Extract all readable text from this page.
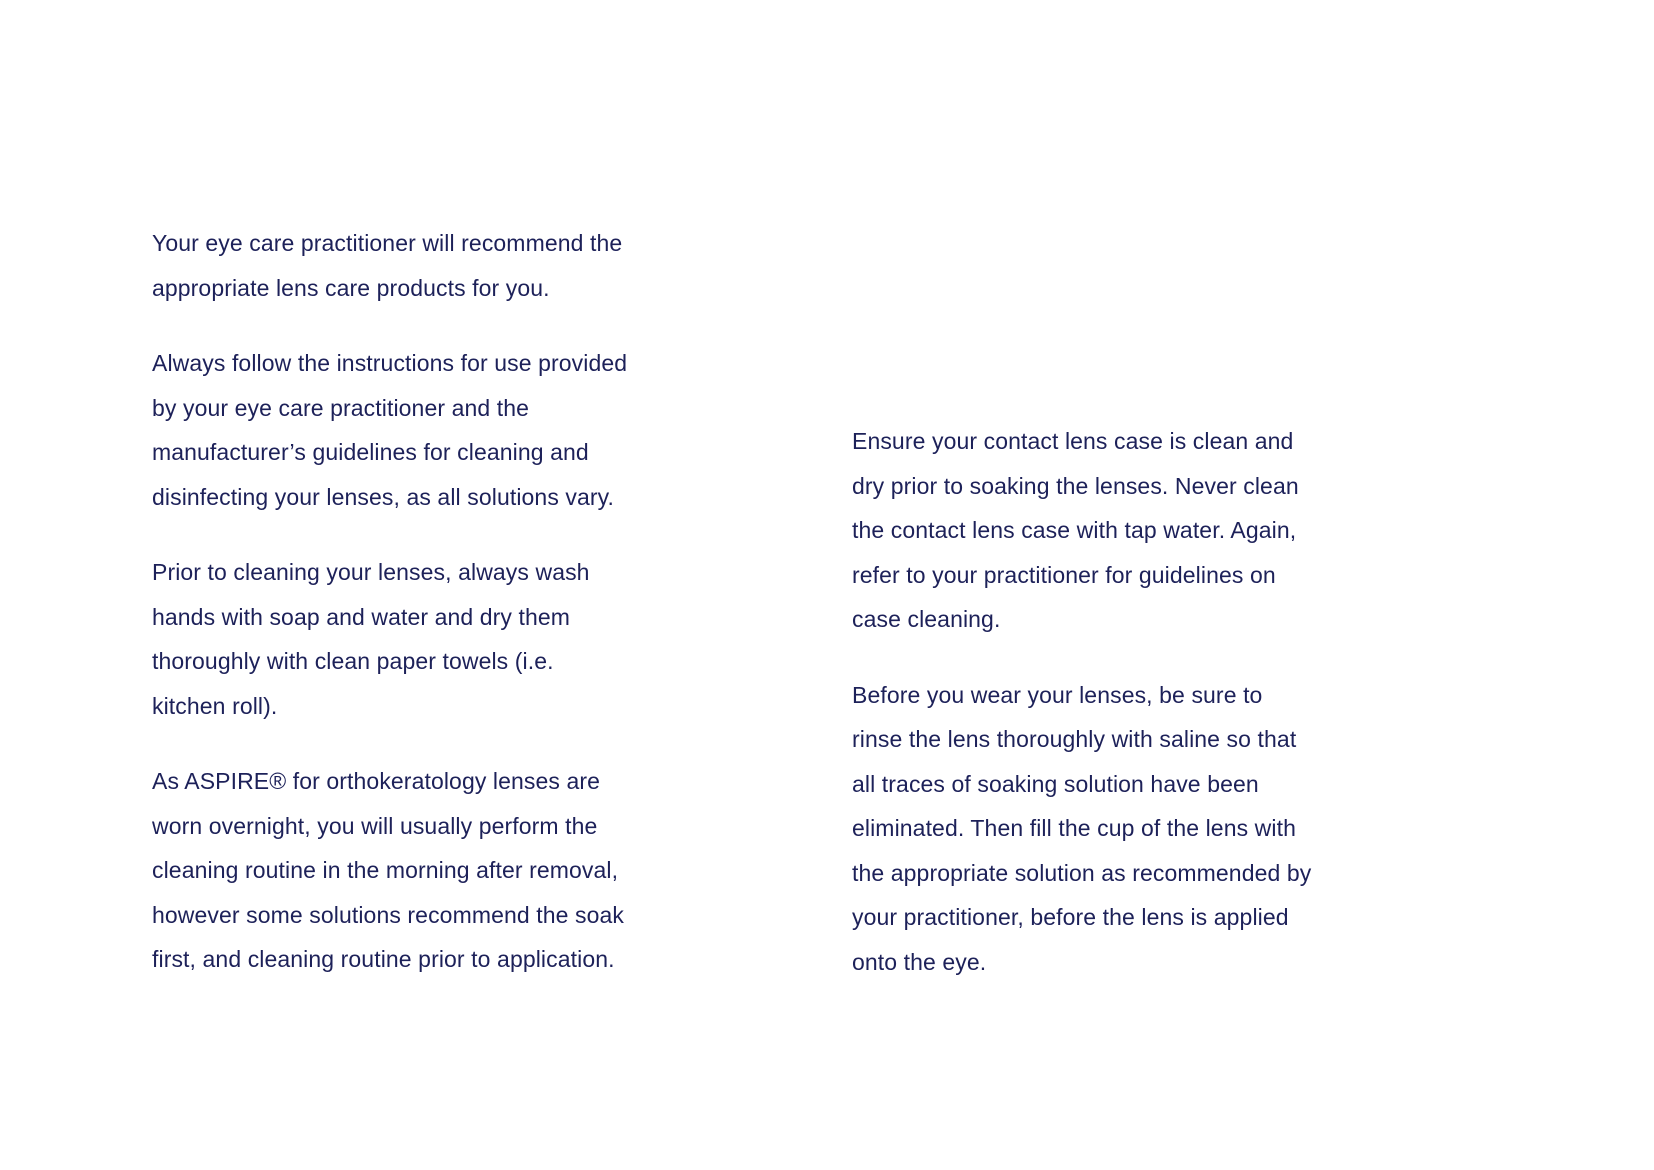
Your eye care practitioner will recommend the
appropriate lens care products for you.

Always follow the instructions for use provided
by your eye care practitioner and the
manufacturer’s guidelines for cleaning and
disinfecting your lenses, as all solutions vary.

Prior to cleaning your lenses, always wash
hands with soap and water and dry them
thoroughly with clean paper towels (i.e.
kitchen roll).

As ASPIRE® for orthokeratology lenses are
worn overnight, you will usually perform the
cleaning routine in the morning after removal,
however some solutions recommend the soak
first, and cleaning routine prior to application.

Ensure your contact lens case is clean and
dry prior to soaking the lenses. Never clean
the contact lens case with tap water. Again,
refer to your practitioner for guidelines on
case cleaning.

Before you wear your lenses, be sure to
rinse the lens thoroughly with saline so that
all traces of soaking solution have been
eliminated. Then fill the cup of the lens with
the appropriate solution as recommended by
your practitioner, before the lens is applied
onto the eye.
